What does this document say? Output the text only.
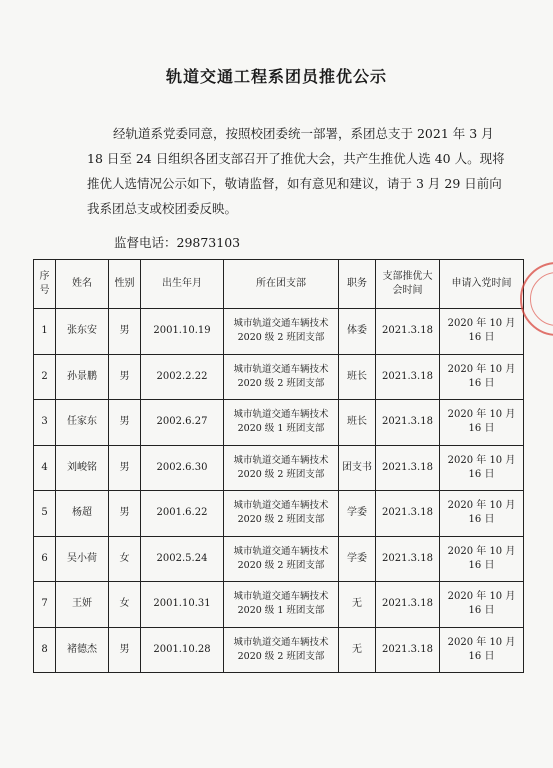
轨道交通工程系团员推优公示
经轨道系党委同意，按照校团委统一部署，系团总支于 2021 年 3 月 18 日至 24 日组织各团支部召开了推优大会，共产生推优人选 40 人。现将推优人选情况公示如下，敬请监督，如有意见和建议，请于 3 月 29 日前向我系团总支或校团委反映。
监督电话：29873103
序号	姓名	性别	出生年月	所在团支部	职务	支部推优大会时间	申请入党时间
1	张东安	男	2001.10.19	城市轨道交通车辆技术 2020 级 2 班团支部	体委	2021.3.18	2020 年 10 月 16 日
2	孙景鹏	男	2002.2.22	城市轨道交通车辆技术 2020 级 2 班团支部	班长	2021.3.18	2020 年 10 月 16 日
3	任家东	男	2002.6.27	城市轨道交通车辆技术 2020 级 1 班团支部	班长	2021.3.18	2020 年 10 月 16 日
4	刘峻铭	男	2002.6.30	城市轨道交通车辆技术 2020 级 2 班团支部	团支书	2021.3.18	2020 年 10 月 16 日
5	杨超	男	2001.6.22	城市轨道交通车辆技术 2020 级 2 班团支部	学委	2021.3.18	2020 年 10 月 16 日
6	吴小荷	女	2002.5.24	城市轨道交通车辆技术 2020 级 2 班团支部	学委	2021.3.18	2020 年 10 月 16 日
7	王妍	女	2001.10.31	城市轨道交通车辆技术 2020 级 1 班团支部	无	2021.3.18	2020 年 10 月 16 日
8	褚德杰	男	2001.10.28	城市轨道交通车辆技术 2020 级 2 班团支部	无	2021.3.18	2020 年 10 月 16 日
